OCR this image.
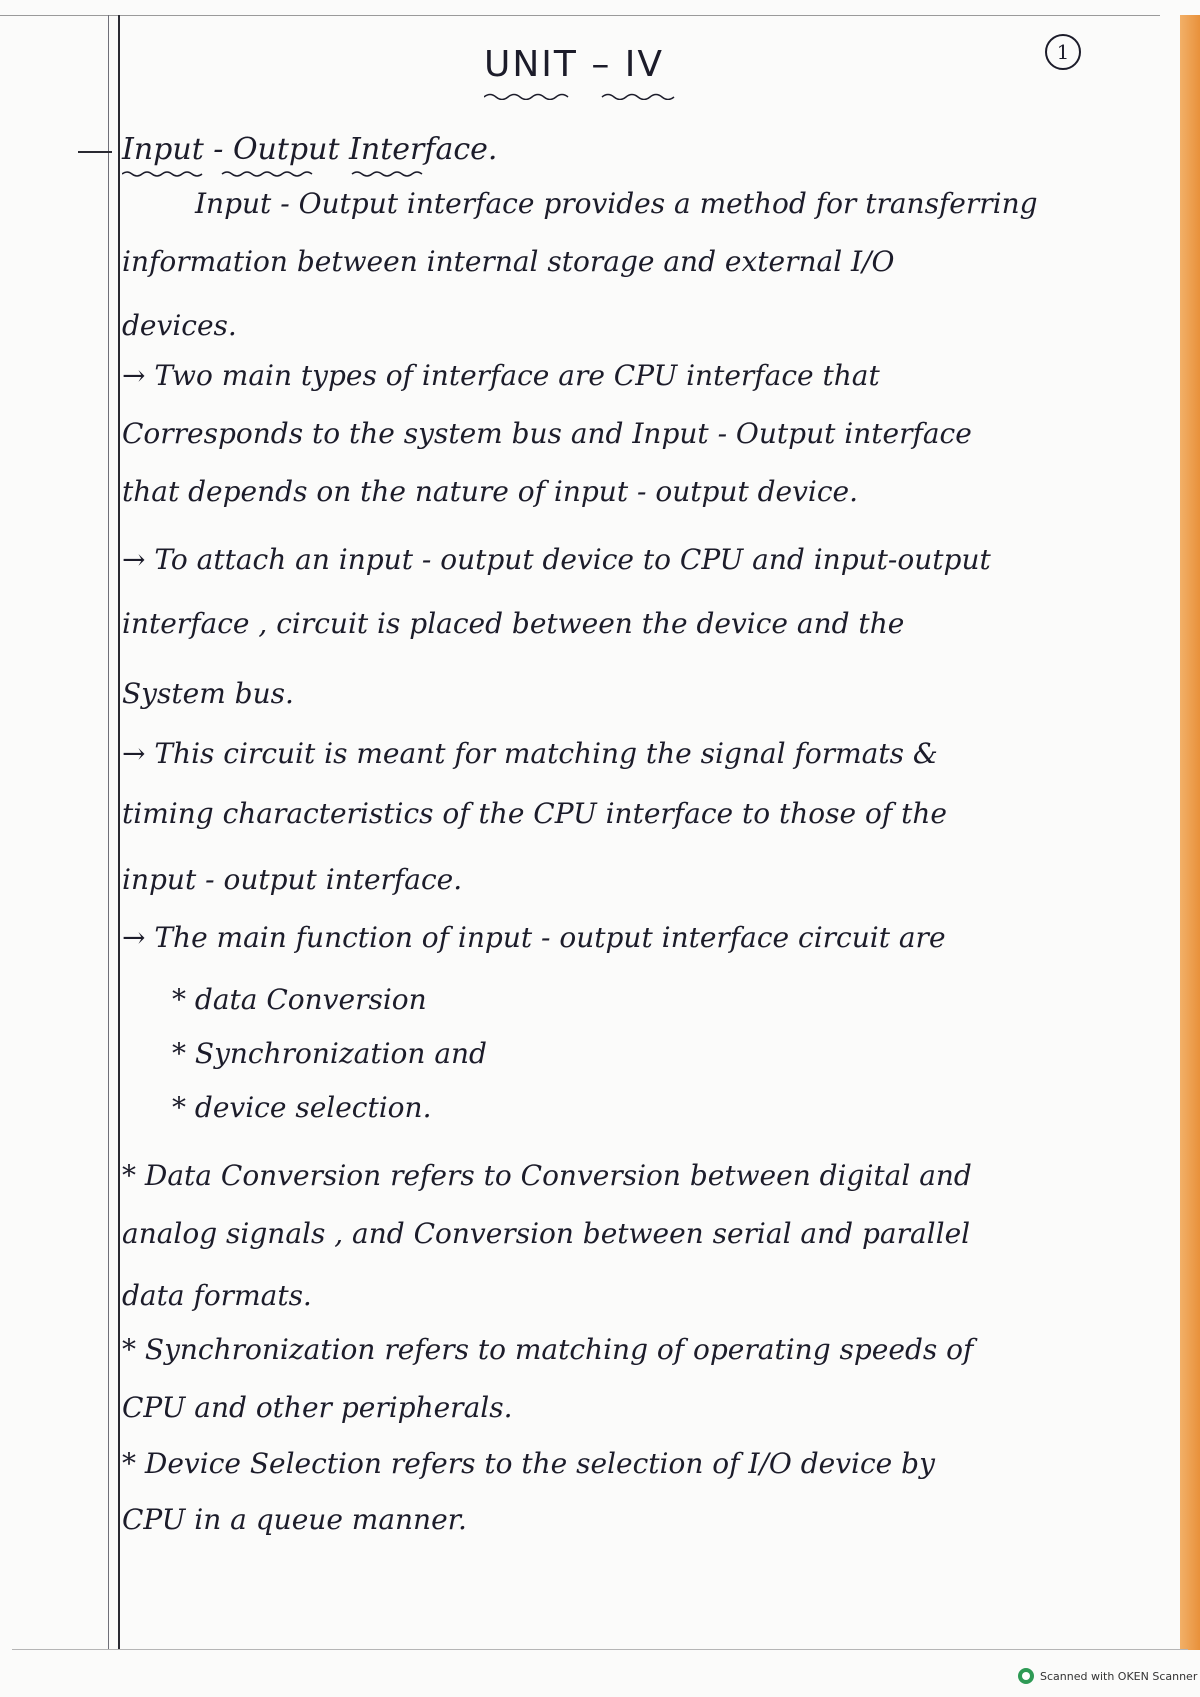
1
UNIT – IV
Input - Output Interface.
Input - Output interface provides a method for transferring
information between internal storage and external I/O
devices.
→ Two main types of interface are CPU interface that
Corresponds to the system bus and Input - Output interface
that depends on the nature of input - output device.
→ To attach an input - output device to CPU and input-output
interface , circuit is placed between the device and the
System bus.
→ This circuit is meant for matching the signal formats &
timing characteristics of the CPU interface to those of the
input - output interface.
→ The main function of input - output interface circuit are
* data Conversion
* Synchronization and
* device selection.
* Data Conversion refers to Conversion between digital and
analog signals , and Conversion between serial and parallel
data formats.
* Synchronization refers to matching of operating speeds of
CPU and other peripherals.
* Device Selection refers to the selection of I/O device by
CPU in a queue manner.
Scanned with OKEN Scanner
